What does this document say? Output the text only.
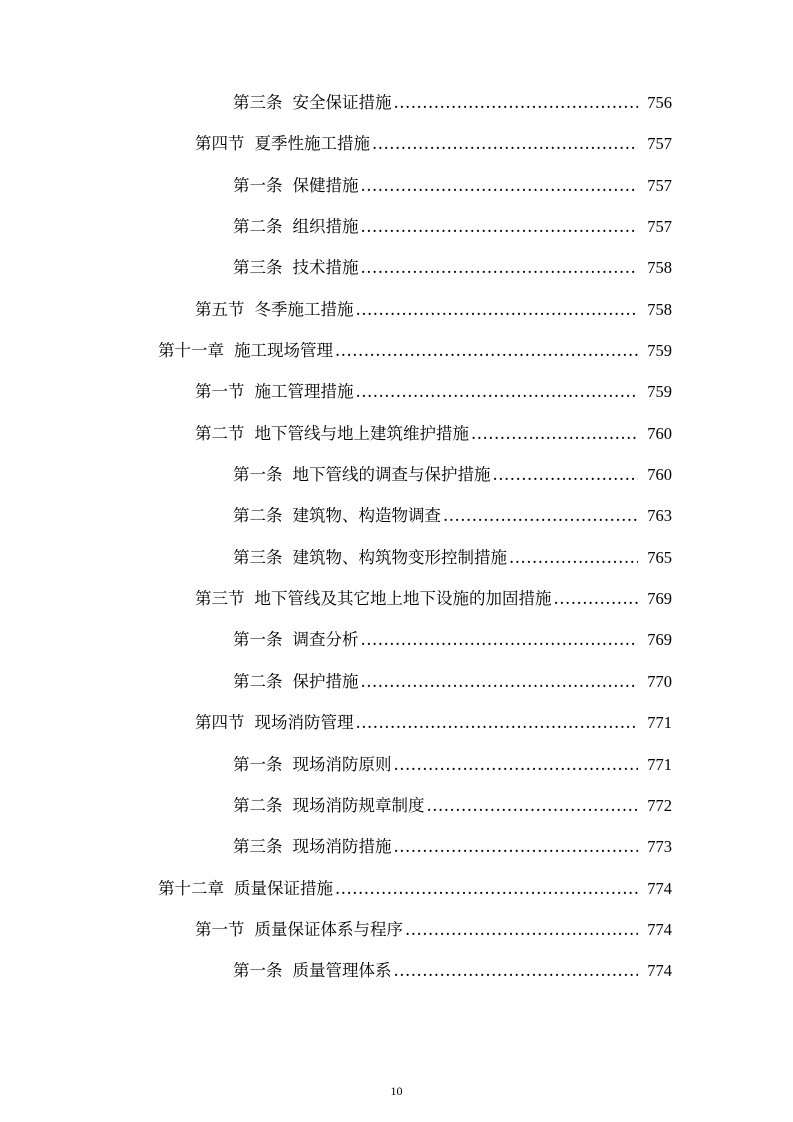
第三条 安全保证措施 .....	756
第四节 夏季性施工措施 .....	757
第一条 保健措施 .....	757
第二条 组织措施 .....	757
第三条 技术措施 .....	758
第五节 冬季施工措施 .....	758
第十一章 施工现场管理 .....	759
第一节 施工管理措施 .....	759
第二节 地下管线与地上建筑维护措施 .....	760
第一条 地下管线的调查与保护措施 .....	760
第二条 建筑物、构造物调查 .....	763
第三条 建筑物、构筑物变形控制措施 .....	765
第三节 地下管线及其它地上地下设施的加固措施 .....	769
第一条 调查分析 .....	769
第二条 保护措施 .....	770
第四节 现场消防管理 .....	771
第一条 现场消防原则 .....	771
第二条 现场消防规章制度 .....	772
第三条 现场消防措施 .....	773
第十二章 质量保证措施 .....	774
第一节 质量保证体系与程序 .....	774
第一条 质量管理体系 .....	774
10
